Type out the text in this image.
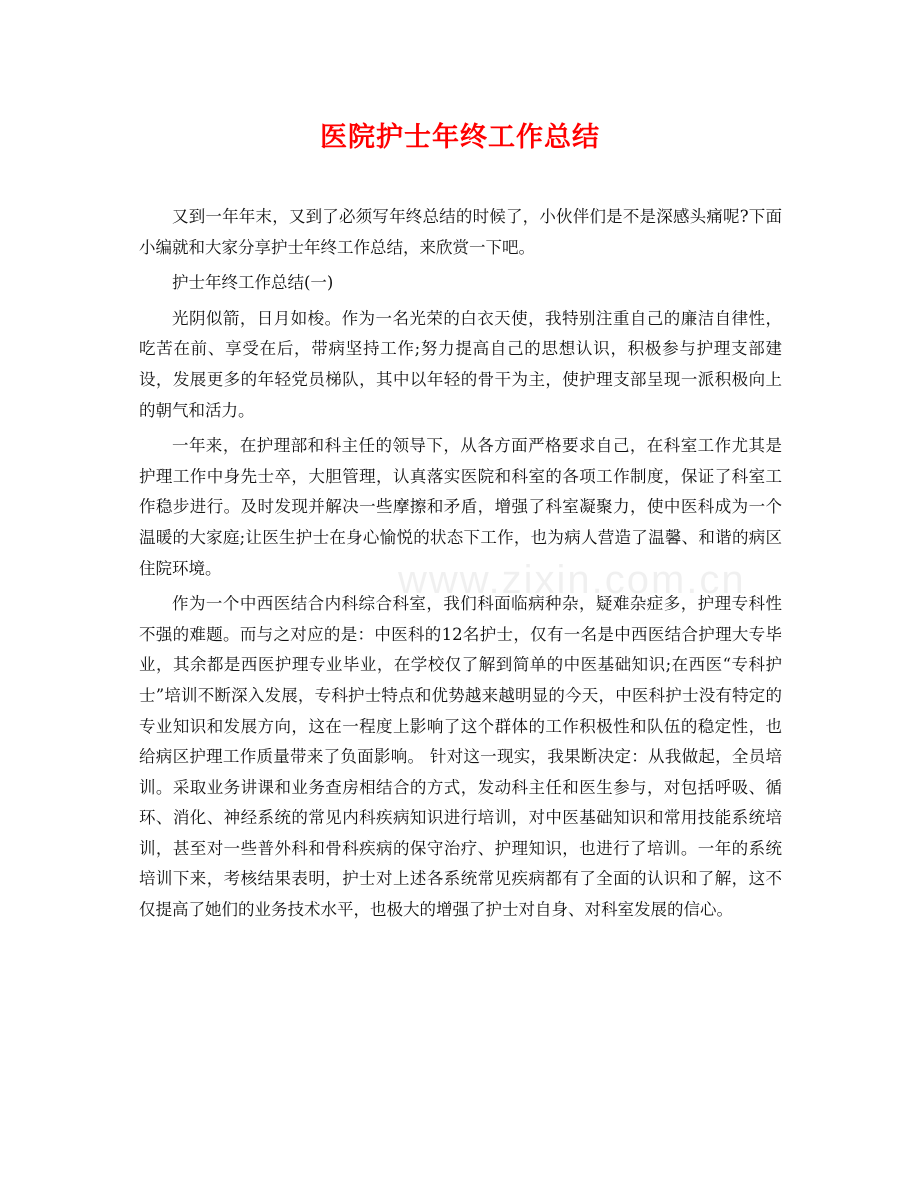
医院护士年终工作总结

又到一年年末，又到了必须写年终总结的时候了，小伙伴们是不是深感头痛呢?下面小编就和大家分享护士年终工作总结，来欣赏一下吧。

护士年终工作总结(一)

光阴似箭，日月如梭。作为一名光荣的白衣天使，我特别注重自己的廉洁自律性，吃苦在前、享受在后，带病坚持工作;努力提高自己的思想认识，积极参与护理支部建设，发展更多的年轻党员梯队，其中以年轻的骨干为主，使护理支部呈现一派积极向上的朝气和活力。

一年来，在护理部和科主任的领导下，从各方面严格要求自己，在科室工作尤其是护理工作中身先士卒，大胆管理，认真落实医院和科室的各项工作制度，保证了科室工作稳步进行。及时发现并解决一些摩擦和矛盾，增强了科室凝聚力，使中医科成为一个温暖的大家庭;让医生护士在身心愉悦的状态下工作，也为病人营造了温馨、和谐的病区住院环境。

作为一个中西医结合内科综合科室，我们科面临病种杂，疑难杂症多，护理专科性不强的难题。而与之对应的是：中医科的12名护士，仅有一名是中西医结合护理大专毕业，其余都是西医护理专业毕业，在学校仅了解到简单的中医基础知识;在西医“专科护士”培训不断深入发展，专科护士特点和优势越来越明显的今天，中医科护士没有特定的专业知识和发展方向，这在一程度上影响了这个群体的工作积极性和队伍的稳定性，也给病区护理工作质量带来了负面影响。 针对这一现实，我果断决定：从我做起，全员培训。采取业务讲课和业务查房相结合的方式，发动科主任和医生参与，对包括呼吸、循环、消化、神经系统的常见内科疾病知识进行培训，对中医基础知识和常用技能系统培训，甚至对一些普外科和骨科疾病的保守治疗、护理知识，也进行了培训。一年的系统培训下来，考核结果表明，护士对上述各系统常见疾病都有了全面的认识和了解，这不仅提高了她们的业务技术水平，也极大的增强了护士对自身、对科室发展的信心。

www.zixin.com.cn
